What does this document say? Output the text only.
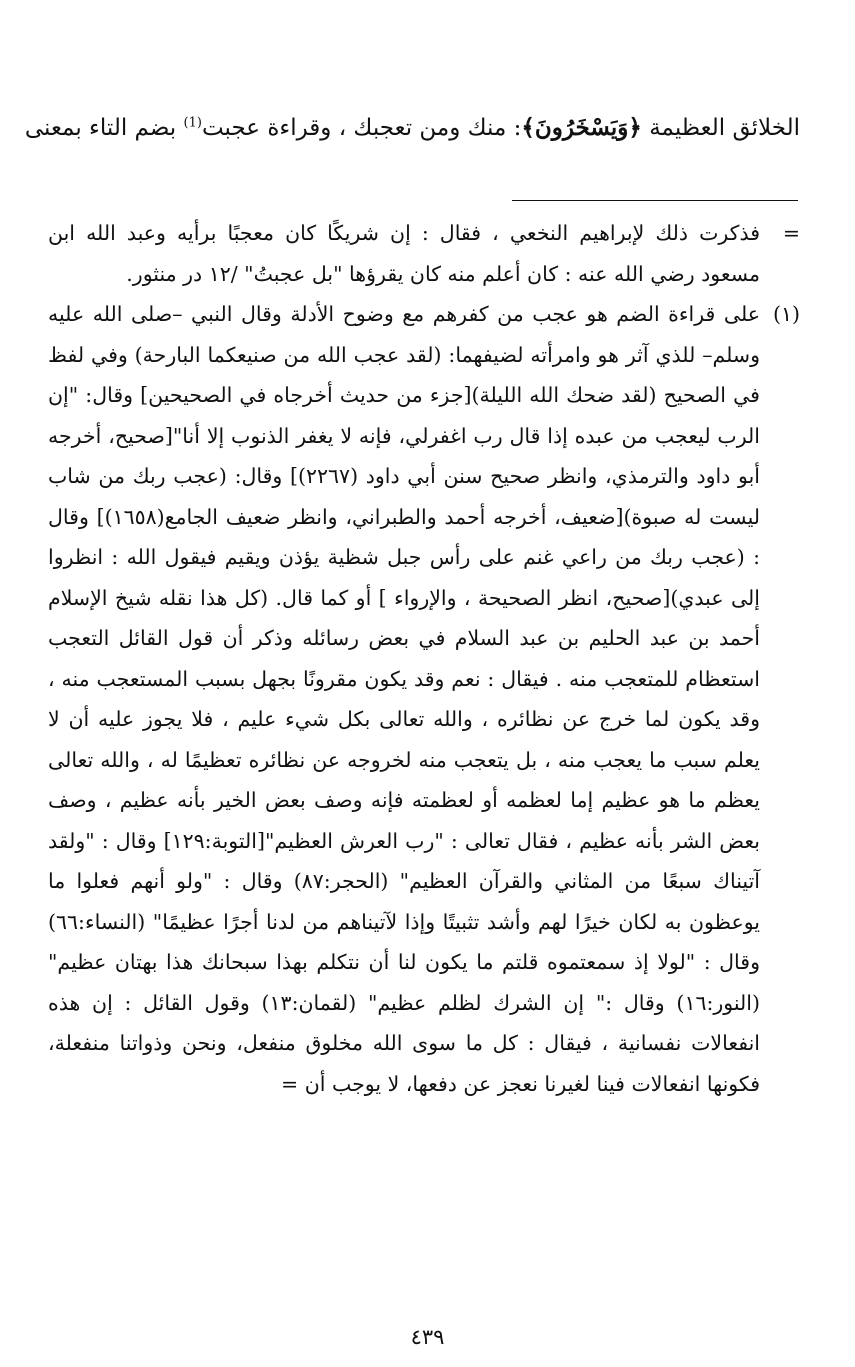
الخلائق العظيمة ﴿وَيَسْخَرُونَ﴾: منك ومن تعجبك ، وقراءة عجبت$^{(1)}$ بضم التاء بمعنى
=
فذكرت ذلك لإبراهيم النخعي ، فقال : إن شريكًا كان معجبًا برأيه وعبد الله ابن مسعود رضي الله عنه : كان أعلم منه كان يقرؤها "بل عجبتُ" /١٢ در منثور.
(١)
على قراءة الضم هو عجب من كفرهم مع وضوح الأدلة وقال النبي –صلى الله عليه وسلم– للذي آثر هو وامرأته لضيفهما: (لقد عجب الله من صنيعكما البارحة) وفي لفظ في الصحيح (لقد ضحك الله الليلة)[جزء من حديث أخرجاه في الصحيحين] وقال: "إن الرب ليعجب من عبده إذا قال رب اغفرلي، فإنه لا يغفر الذنوب إلا أنا"[صحيح، أخرجه أبو داود والترمذي، وانظر صحيح سنن أبي داود (٢٢٦٧)] وقال: (عجب ربك من شاب ليست له صبوة)[ضعيف، أخرجه أحمد والطبراني، وانظر ضعيف الجامع(١٦٥٨)] وقال : (عجب ربك من راعي غنم على رأس جبل شظية يؤذن ويقيم فيقول الله : انظروا إلى عبدي)[صحيح، انظر الصحيحة ، والإرواء ] أو كما قال. (كل هذا نقله شيخ الإسلام أحمد بن عبد الحليم بن عبد السلام في بعض رسائله وذكر أن قول القائل التعجب استعظام للمتعجب منه . فيقال : نعم وقد يكون مقرونًا بجهل بسبب المستعجب منه ، وقد يكون لما خرج عن نظائره ، والله تعالى بكل شيء عليم ، فلا يجوز عليه أن لا يعلم سبب ما يعجب منه ، بل يتعجب منه لخروجه عن نظائره تعظيمًا له ، والله تعالى يعظم ما هو عظيم إما لعظمه أو لعظمته فإنه وصف بعض الخير بأنه عظيم ، وصف بعض الشر بأنه عظيم ، فقال تعالى : "رب العرش العظيم"[التوبة:١٢٩] وقال : "ولقد آتيناك سبعًا من المثاني والقرآن العظيم" (الحجر:٨٧) وقال : "ولو أنهم فعلوا ما يوعظون به لكان خيرًا لهم وأشد تثبيتًا وإذا لآتيناهم من لدنا أجرًا عظيمًا" (النساء:٦٦) وقال : "لولا إذ سمعتموه قلتم ما يكون لنا أن نتكلم بهذا سبحانك هذا بهتان عظيم" (النور:١٦) وقال :" إن الشرك لظلم عظيم" (لقمان:١٣) وقول القائل : إن هذه انفعالات نفسانية ، فيقال : كل ما سوى الله مخلوق منفعل، ونحن وذواتنا منفعلة، فكونها انفعالات فينا لغيرنا نعجز عن دفعها، لا يوجب أن =
٤٣٩
